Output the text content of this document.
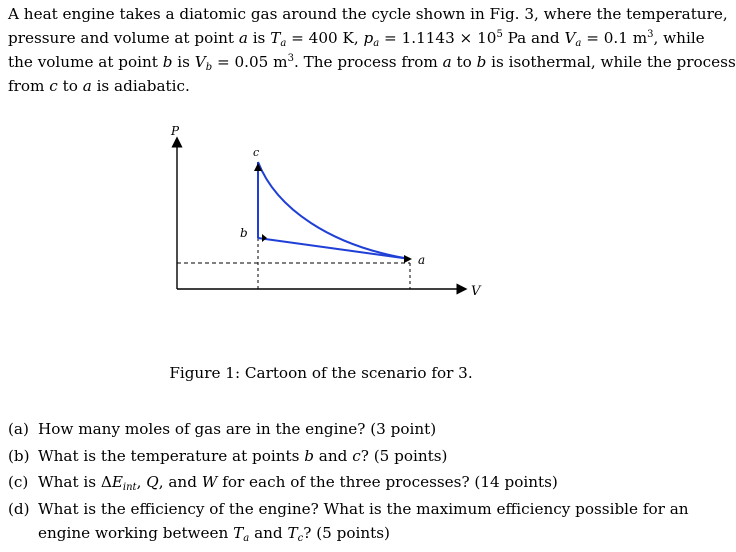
A heat engine takes a diatomic gas around the cycle shown in Fig. 3, where the temperature,
pressure and volume at point a is $T_a = 400$ K, $p_a = 1.1143 \times 10^5$ Pa and $V_a = 0.1$ $m^3$, while
the volume at point b is $V_b = 0.05$ $m^3$. The process from a to b is isothermal, while the process
from c to a is adiabatic.
P
V
c
b
a
Figure 1: Cartoon of the scenario for 3.
(a) How many moles of gas are in the engine? (3 point)
(b) What is the temperature at points b and c? (5 points)
(c) What is $\Delta E_{int}$, Q, and W for each of the three processes? (14 points)
(d) What is the efficiency of the engine? What is the maximum efficiency possible for an
engine working between $T_a$ and $T_c$? (5 points)
